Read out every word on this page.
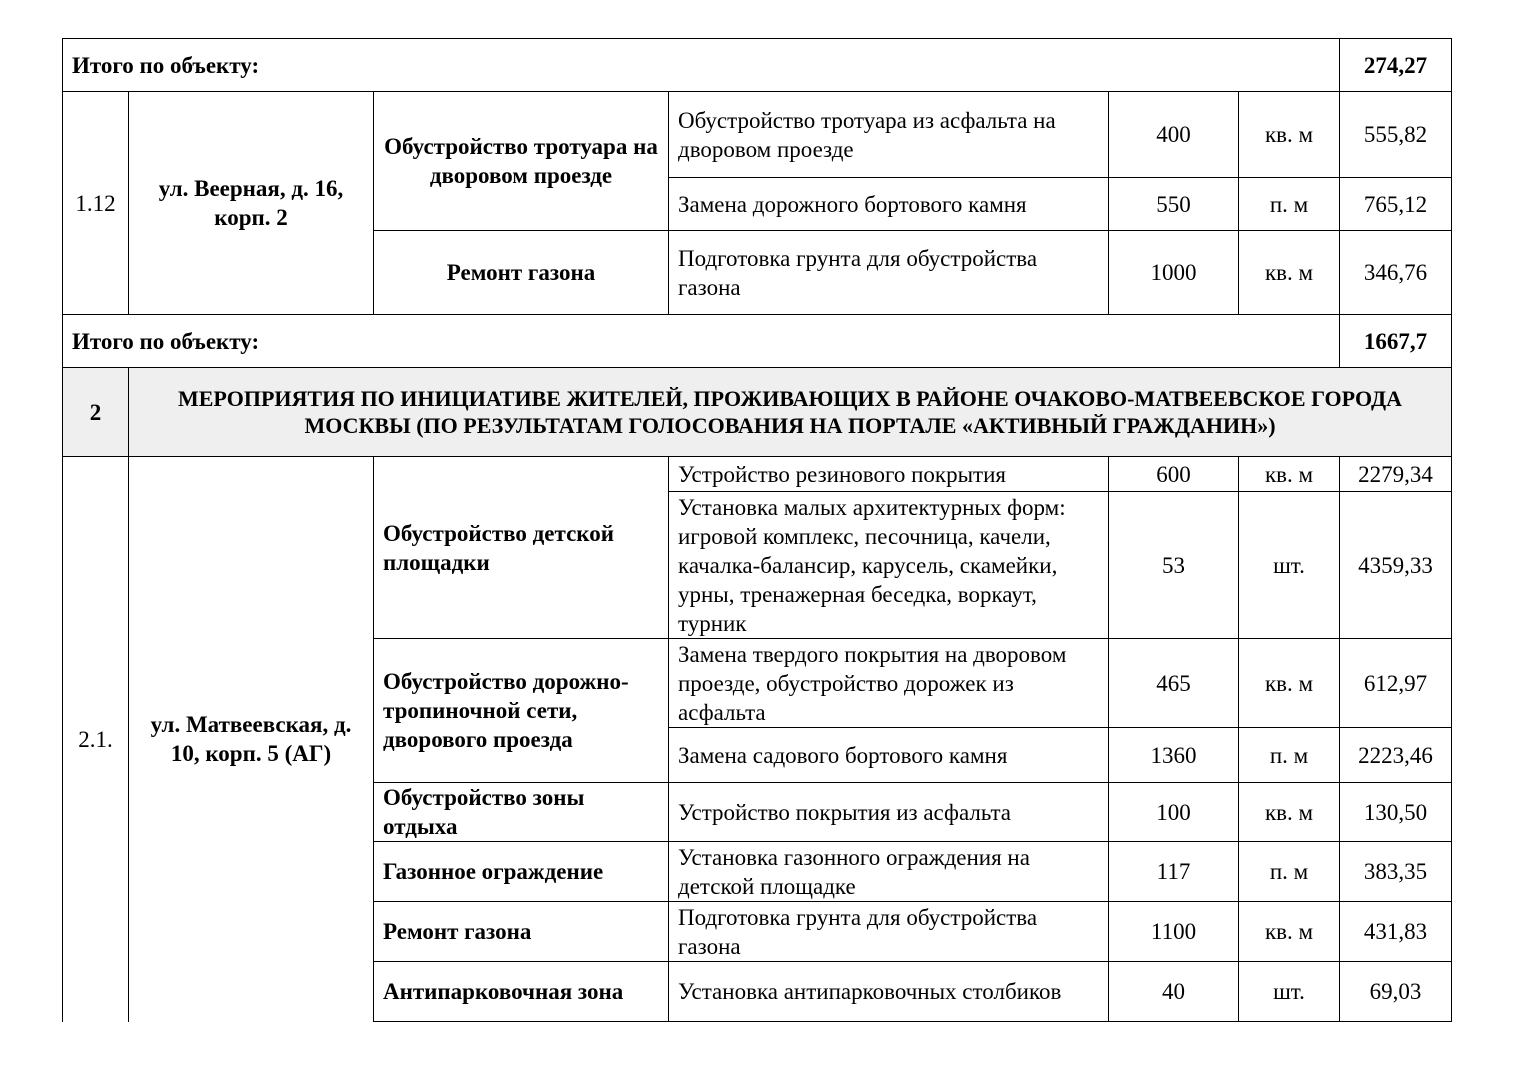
Итого по объекту:						274,27
1.12	ул. Веерная, д. 16, корп. 2	Обустройство тротуара на дворовом проезде	Обустройство тротуара из асфальта на дворовом проезде	400	кв. м	555,82
			Замена дорожного бортового камня	550	п. м	765,12
		Ремонт газона	Подготовка грунта для обустройства газона	1000	кв. м	346,76
Итого по объекту:						1667,7
2	МЕРОПРИЯТИЯ ПО ИНИЦИАТИВЕ ЖИТЕЛЕЙ, ПРОЖИВАЮЩИХ В РАЙОНЕ ОЧАКОВО-МАТВЕЕВСКОЕ ГОРОДА МОСКВЫ (ПО РЕЗУЛЬТАТАМ ГОЛОСОВАНИЯ НА ПОРТАЛЕ «АКТИВНЫЙ ГРАЖДАНИН»)					
2.1.	ул. Матвеевская, д. 10, корп. 5 (АГ)	Обустройство детской площадки	Устройство резинового покрытия	600	кв. м	2279,34
			Установка малых архитектурных форм: игровой комплекс, песочница, качели, качалка-балансир, карусель, скамейки, урны, тренажерная беседка, воркаут, турник	53	шт.	4359,33
		Обустройство дорожно-тропиночной сети, дворового проезда	Замена твердого покрытия на дворовом проезде, обустройство дорожек из асфальта	465	кв. м	612,97
			Замена садового бортового камня	1360	п. м	2223,46
		Обустройство зоны отдыха	Устройство покрытия из асфальта	100	кв. м	130,50
		Газонное ограждение	Установка газонного ограждения на детской площадке	117	п. м	383,35
		Ремонт газона	Подготовка грунта для обустройства газона	1100	кв. м	431,83
		Антипарковочная зона	Установка антипарковочных столбиков	40	шт.	69,03
